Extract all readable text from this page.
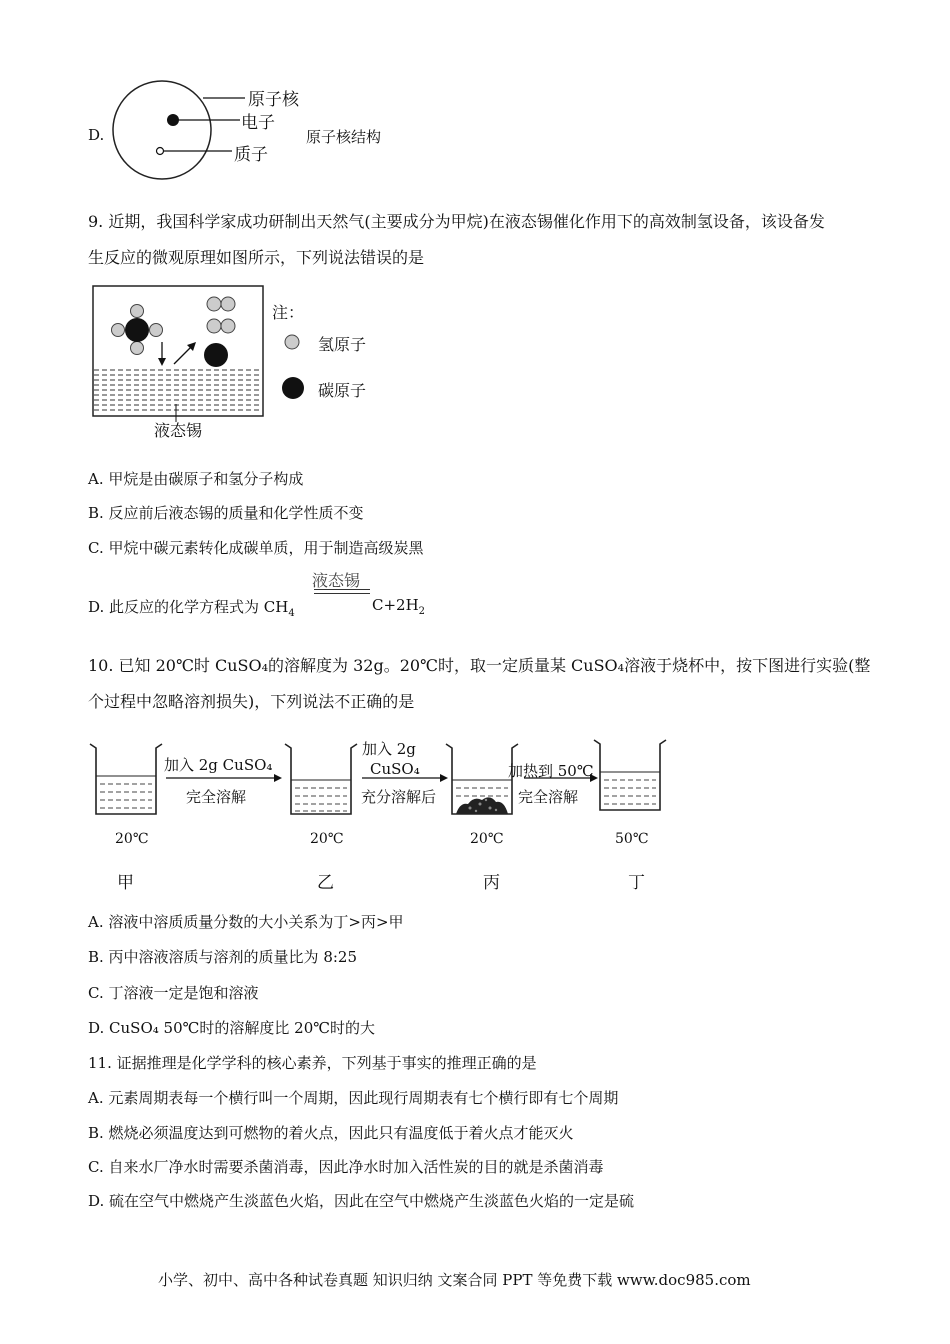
D.
原子核
电子
质子
原子核结构
9. 近期，我国科学家成功研制出天然气(主要成分为甲烷)在液态锡催化作用下的高效制氢设备，该设备发
生反应的微观原理如图所示，下列说法错误的是
液态锡
注：
氢原子
碳原子
A. 甲烷是由碳原子和氢分子构成
B. 反应前后液态锡的质量和化学性质不变
C. 甲烷中碳元素转化成碳单质，用于制造高级炭黑
D. 此反应的化学方程式为 $CH_4$
液态锡
$C+2H_2$
10. 已知 20℃时 CuSO₄的溶解度为 32g。20℃时，取一定质量某 CuSO₄溶液于烧杯中，按下图进行实验(整
个过程中忽略溶剂损失)，下列说法不正确的是
加入 2g CuSO₄
完全溶解
加入 2g
CuSO₄
充分溶解后
加热到 50℃
完全溶解
20℃	20℃	20℃	50℃
甲	乙	丙	丁
A. 溶液中溶质质量分数的大小关系为丁>丙>甲
B. 丙中溶液溶质与溶剂的质量比为 8:25
C. 丁溶液一定是饱和溶液
D. CuSO₄ 50℃时的溶解度比 20℃时的大
11. 证据推理是化学学科的核心素养，下列基于事实的推理正确的是
A. 元素周期表每一个横行叫一个周期，因此现行周期表有七个横行即有七个周期
B. 燃烧必须温度达到可燃物的着火点，因此只有温度低于着火点才能灭火
C. 自来水厂净水时需要杀菌消毒，因此净水时加入活性炭的目的就是杀菌消毒
D. 硫在空气中燃烧产生淡蓝色火焰，因此在空气中燃烧产生淡蓝色火焰的一定是硫
小学、初中、高中各种试卷真题 知识归纳 文案合同 PPT 等免费下载 www.doc985.com
